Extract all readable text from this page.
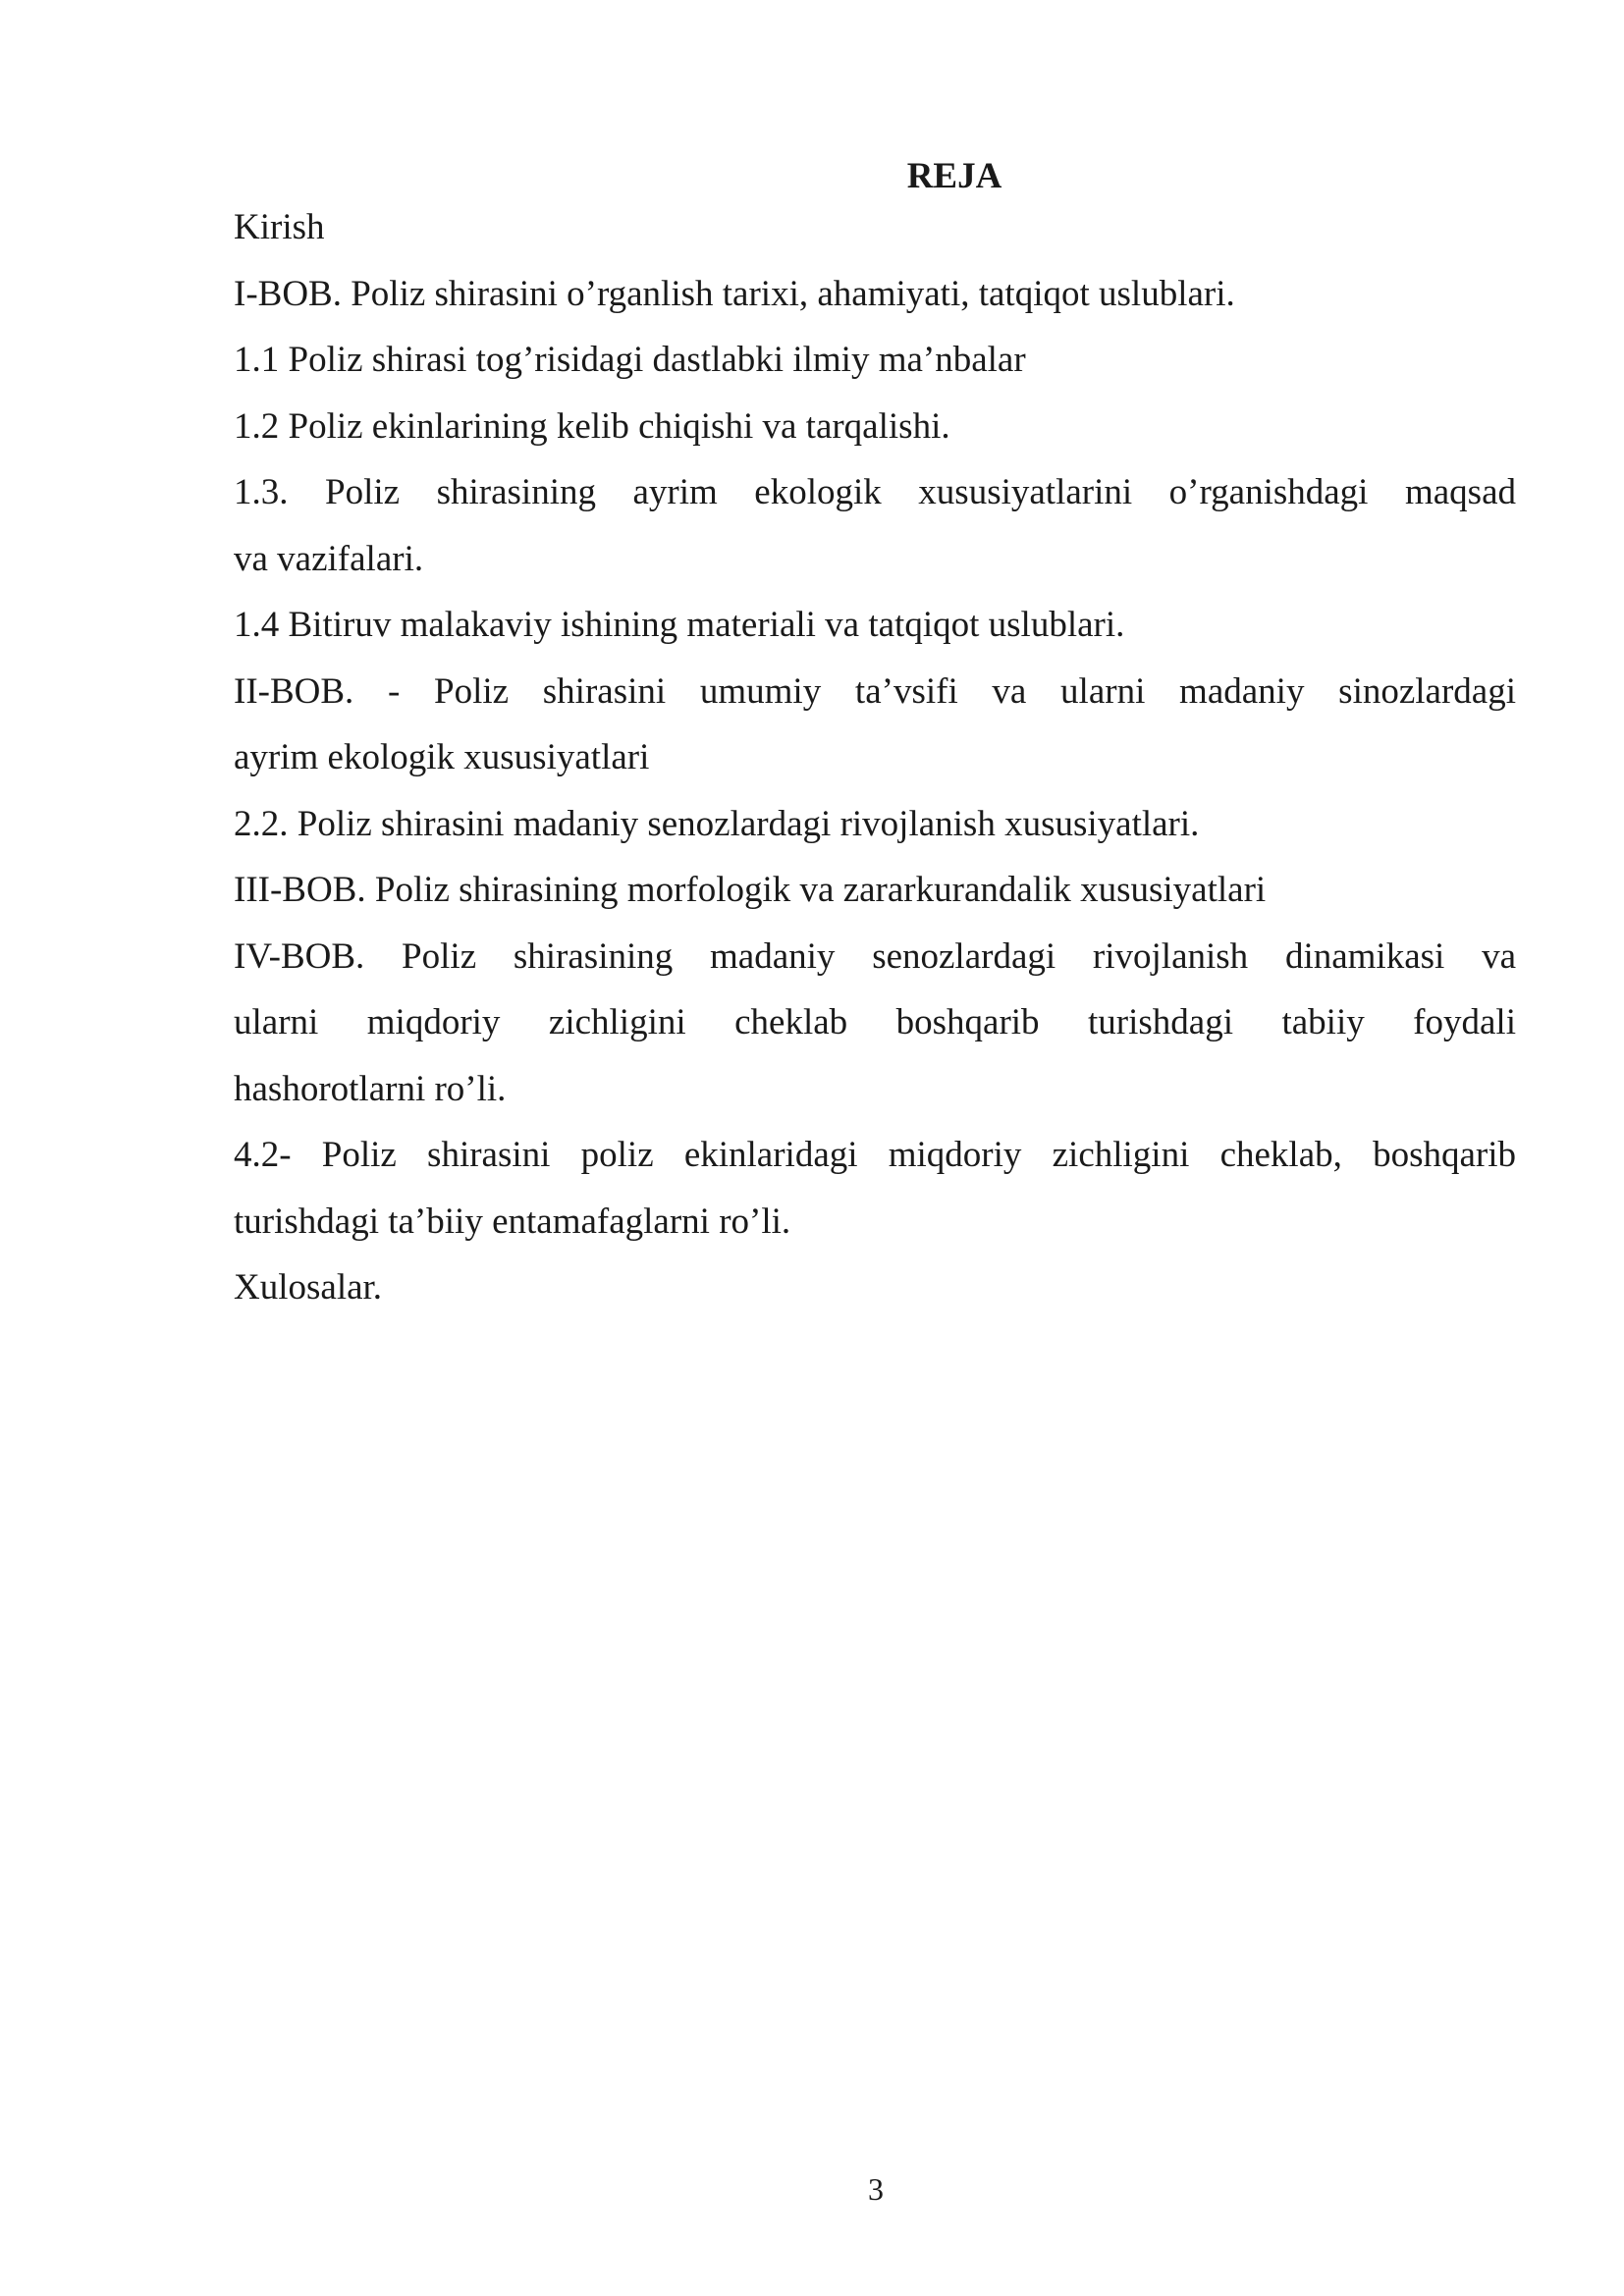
REJA

Kirish

I-BOB. Poliz shirasini o’rganlish tarixi, ahamiyati, tatqiqot uslublari.

1.1 Poliz shirasi tog’risidagi dastlabki ilmiy ma’nbalar

1.2 Poliz ekinlarining kelib chiqishi va tarqalishi.

1.3. Poliz shirasining ayrim ekologik xususiyatlarini o’rganishdagi maqsad

va vazifalari.

1.4 Bitiruv malakaviy ishining materiali va tatqiqot uslublari.

II-BOB. - Poliz shirasini umumiy ta’vsifi va ularni madaniy sinozlardagi

ayrim ekologik xususiyatlari

2.2. Poliz shirasini madaniy senozlardagi rivojlanish xususiyatlari.

III-BOB. Poliz shirasining morfologik va zararkurandalik xususiyatlari

IV-BOB. Poliz shirasining madaniy senozlardagi rivojlanish dinamikasi va

ularni miqdoriy zichligini cheklab boshqarib turishdagi tabiiy foydali

hashorotlarni ro’li.

4.2- Poliz shirasini poliz ekinlaridagi miqdoriy zichligini cheklab, boshqarib

turishdagi ta’biiy entamafaglarni ro’li.

Xulosalar.

3
